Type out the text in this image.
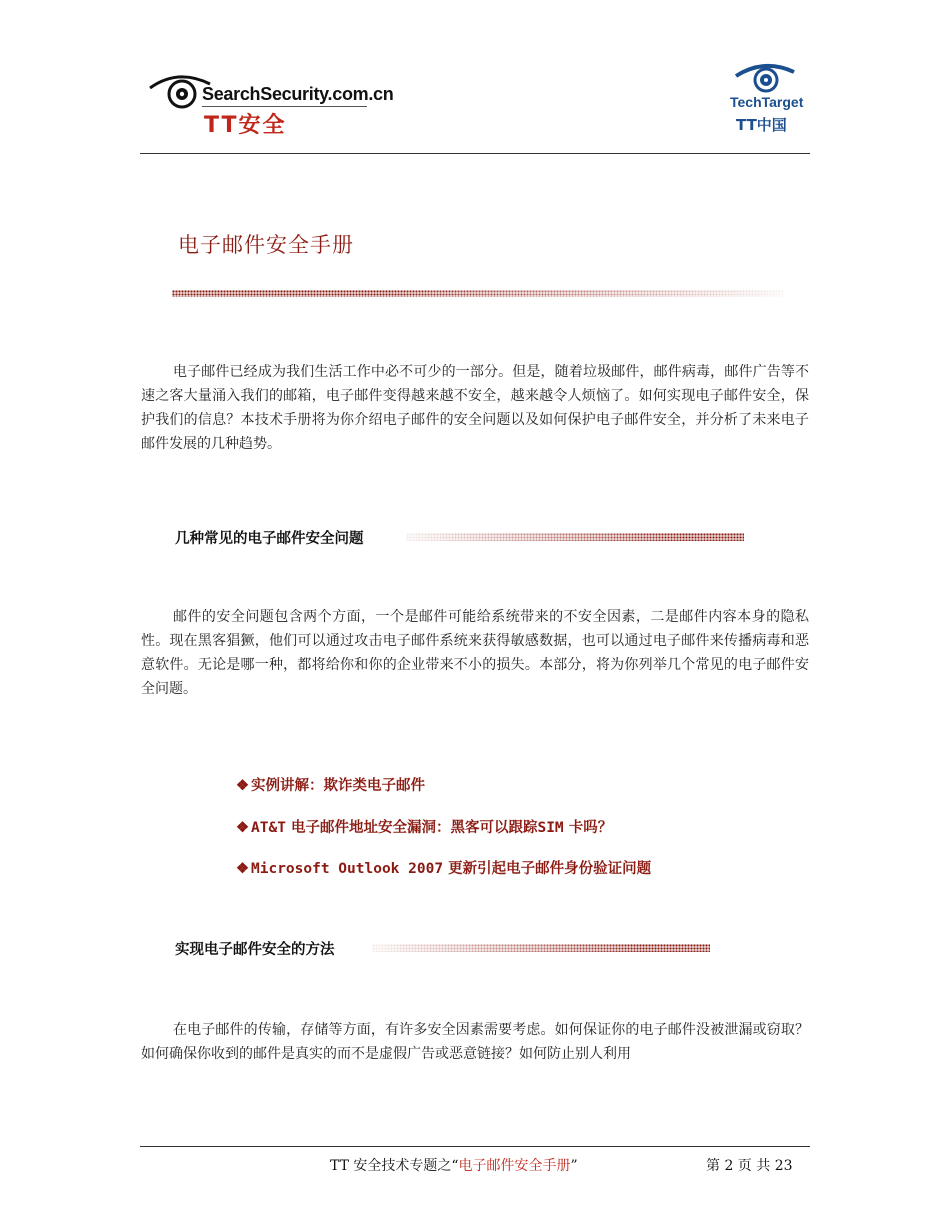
SearchSecurity.com.cn
TT安全
TechTarget
TT中国
电子邮件安全手册
电子邮件已经成为我们生活工作中必不可少的一部分。但是，随着垃圾邮件，邮件病毒，邮件广告等不速之客大量涌入我们的邮箱，电子邮件变得越来越不安全，越来越令人烦恼了。如何实现电子邮件安全，保护我们的信息？本技术手册将为你介绍电子邮件的安全问题以及如何保护电子邮件安全，并分析了未来电子邮件发展的几种趋势。
几种常见的电子邮件安全问题
邮件的安全问题包含两个方面，一个是邮件可能给系统带来的不安全因素，二是邮件内容本身的隐私性。现在黑客猖獗，他们可以通过攻击电子邮件系统来获得敏感数据，也可以通过电子邮件来传播病毒和恶意软件。无论是哪一种，都将给你和你的企业带来不小的损失。本部分，将为你列举几个常见的电子邮件安全问题。
❖ 实例讲解：欺诈类电子邮件
❖ AT&T 电子邮件地址安全漏洞：黑客可以跟踪SIM 卡吗？
❖ Microsoft Outlook 2007 更新引起电子邮件身份验证问题
实现电子邮件安全的方法
在电子邮件的传输，存储等方面，有许多安全因素需要考虑。如何保证你的电子邮件没被泄漏或窃取？如何确保你收到的邮件是真实的而不是虚假广告或恶意链接？如何防止别人利用
TT 安全技术专题之“电子邮件安全手册”	第 2 页 共 23
